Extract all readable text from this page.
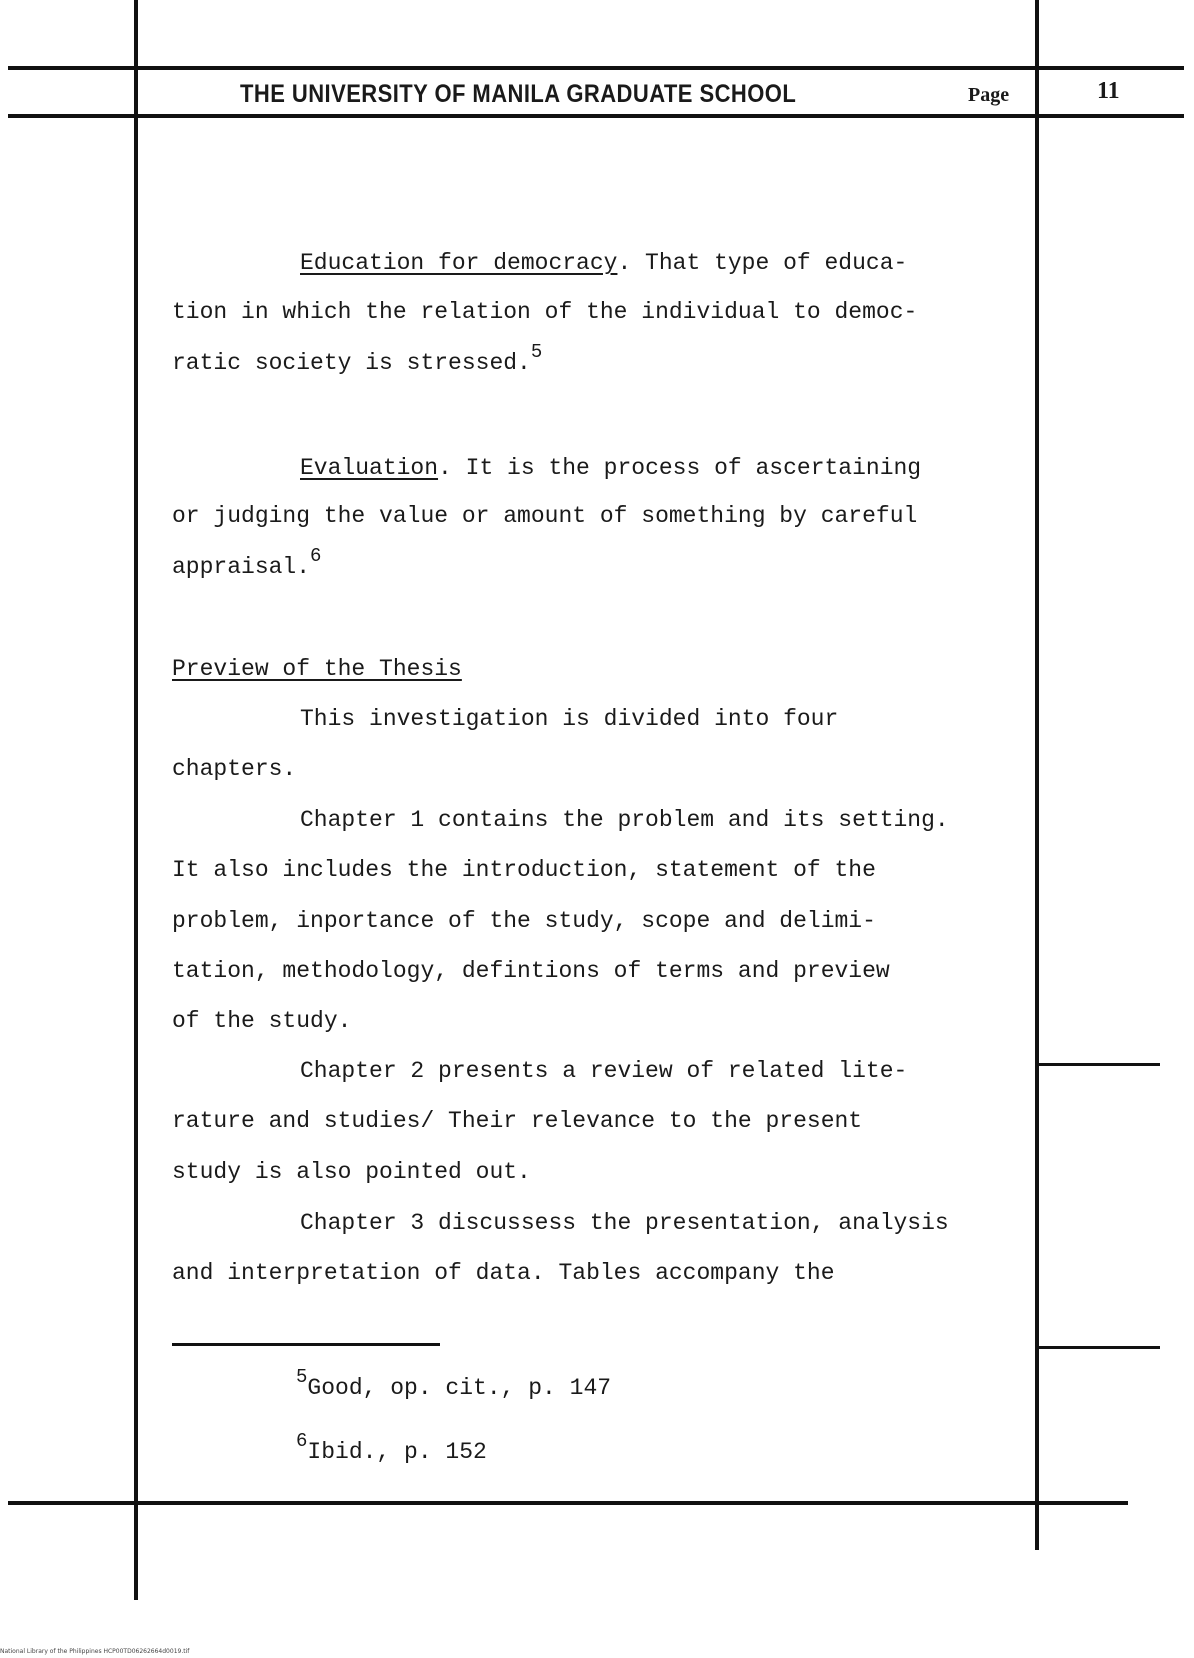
THE UNIVERSITY OF MANILA GRADUATE SCHOOL	Page	11
Education for democracy. That type of educa-
tion in which the relation of the individual to democ-
ratic society is stressed.$^5$
Evaluation. It is the process of ascertaining
or judging the value or amount of something by careful
appraisal.$^6$
Preview of the Thesis
This investigation is divided into four
chapters.
Chapter 1 contains the problem and its setting.
It also includes the introduction, statement of the
problem, inportance of the study, scope and delimi-
tation, methodology, defintions of terms and preview
of the study.
Chapter 2 presents a review of related lite-
rature and studies/ Their relevance to the present
study is also pointed out.
Chapter 3 discussess the presentation, analysis
and interpretation of data. Tables accompany the
$^5$Good, op. cit., p. 147
$^6$Ibid., p. 152
National Library of the Philippines HCP00TD06262664d0019.tif
